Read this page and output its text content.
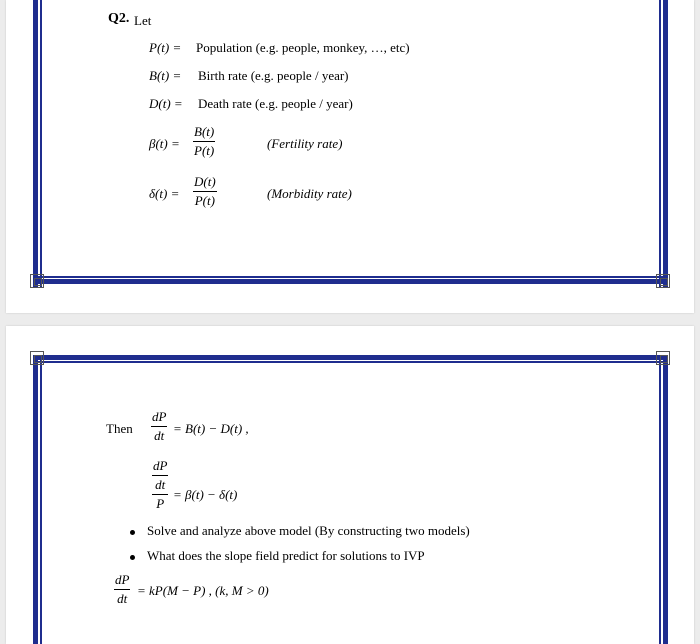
Q2. Let
P(t) = Population (e.g. people, monkey, …, etc)
B(t) = Birth rate (e.g. people / year)
D(t) = Death rate (e.g. people / year)
$\beta(t) = \frac{B(t)}{P(t)}$	(Fertility rate)
$\delta(t) = \frac{D(t)}{P(t)}$	(Morbidity rate)
Then $\frac{dP}{dt} = B(t) - D(t)$ ,
dP
dt
P
= β(t) − δ(t)
Solve and analyze above model (By constructing two models)
What does the slope field predict for solutions to IVP
$\frac{dP}{dt} = kP(M - P)$ , (k, M > 0)
